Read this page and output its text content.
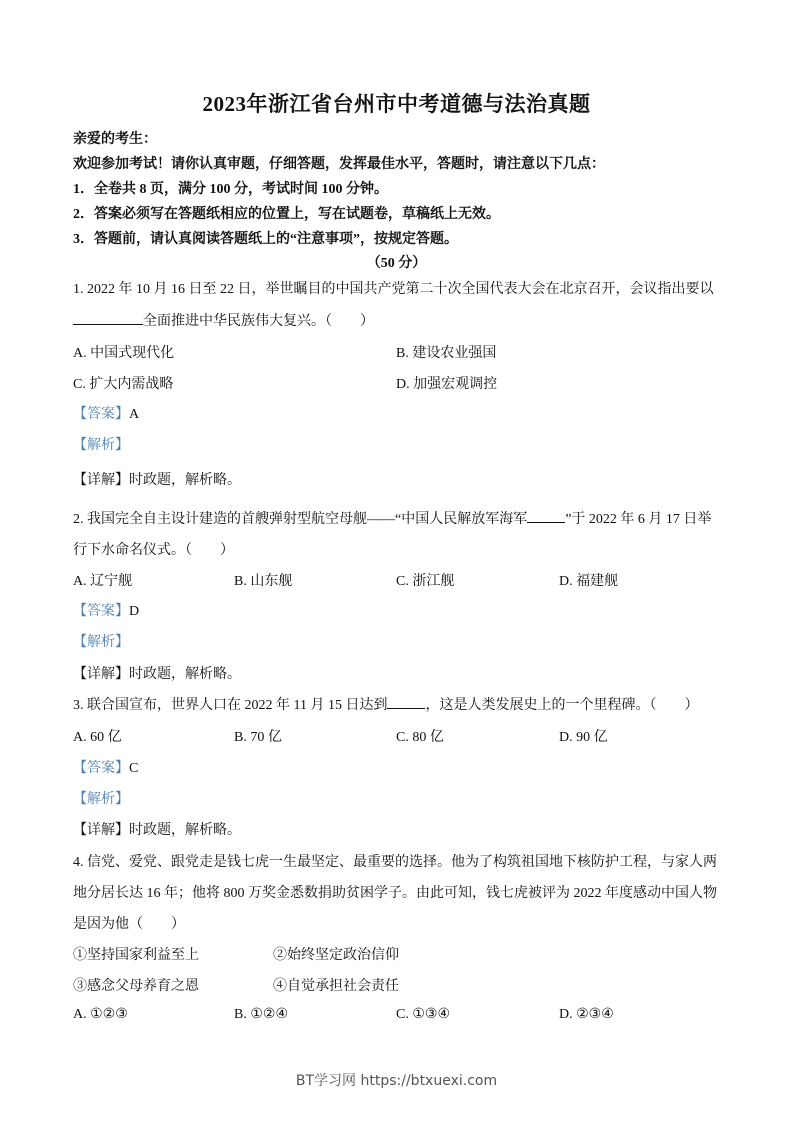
2023年浙江省台州市中考道德与法治真题
亲爱的考生：
欢迎参加考试！请你认真审题，仔细答题，发挥最佳水平，答题时，请注意以下几点：
1．全卷共 8 页，满分 100 分，考试时间 100 分钟。
2．答案必须写在答题纸相应的位置上，写在试题卷，草稿纸上无效。
3．答题前，请认真阅读答题纸上的“注意事项”，按规定答题。
（50 分）
1. 2022 年 10 月 16 日至 22 日，举世瞩目的中国共产党第二十次全国代表大会在北京召开，会议指出要以
全面推进中华民族伟大复兴。（　　）
A. 中国式现代化	B. 建设农业强国
C. 扩大内需战略	D. 加强宏观调控
【答案】A
【解析】
【详解】时政题，解析略。
2. 我国完全自主设计建造的首艘弹射型航空母舰——“中国人民解放军海军	”于 2022 年 6 月 17 日举
行下水命名仪式。（　　）
A. 辽宁舰	B. 山东舰	C. 浙江舰	D. 福建舰
【答案】D
【解析】
【详解】时政题，解析略。
3. 联合国宣布，世界人口在 2022 年 11 月 15 日达到	，这是人类发展史上的一个里程碑。（　　）
A. 60 亿	B. 70 亿	C. 80 亿	D. 90 亿
【答案】C
【解析】
【详解】时政题，解析略。
4. 信党、爱党、跟党走是钱七虎一生最坚定、最重要的选择。他为了构筑祖国地下核防护工程，与家人两
地分居长达 16 年；他将 800 万奖金悉数捐助贫困学子。由此可知，钱七虎被评为 2022 年度感动中国人物
是因为他（　　）
①坚持国家利益至上	②始终坚定政治信仰
③感念父母养育之恩	④自觉承担社会责任
A. ①②③	B. ①②④	C. ①③④	D. ②③④
BT学习网 https://btxuexi.com
